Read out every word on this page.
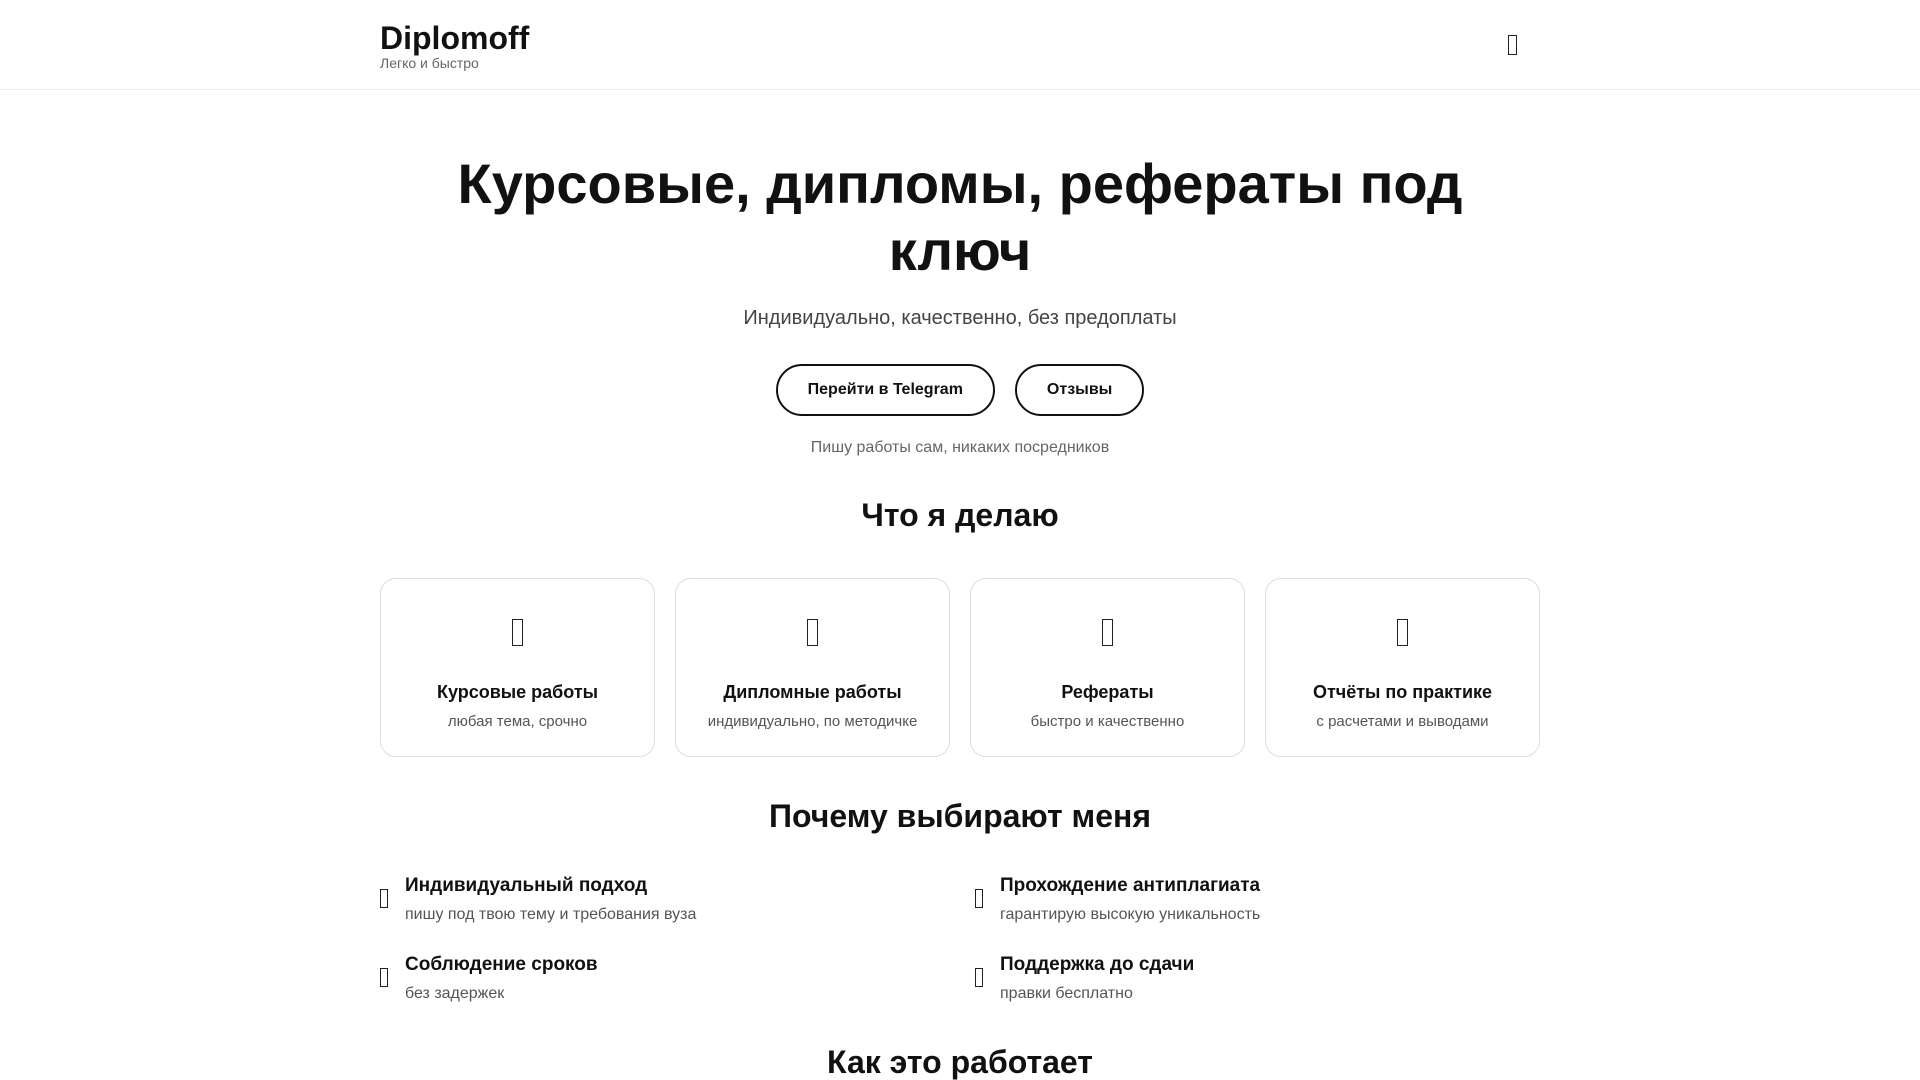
Diplomoff
Легко и быстро
Курсовые, дипломы, рефераты под ключ

Индивидуально, качественно, без предоплаты

Перейти в Telegram	Отзывы

Пишу работы сам, никаких посредников

Что я делаю
Курсовые работы
любая тема, срочно
Дипломные работы
индивидуально, по методичке
Рефераты
быстро и качественно
Отчёты по практике
с расчетами и выводами
Почему выбирают меня
Индивидуальный подход
пишу под твою тему и требования вуза
Прохождение антиплагиата
гарантирую высокую уникальность
Соблюдение сроков
без задержек
Поддержка до сдачи
правки бесплатно
Как это работает
